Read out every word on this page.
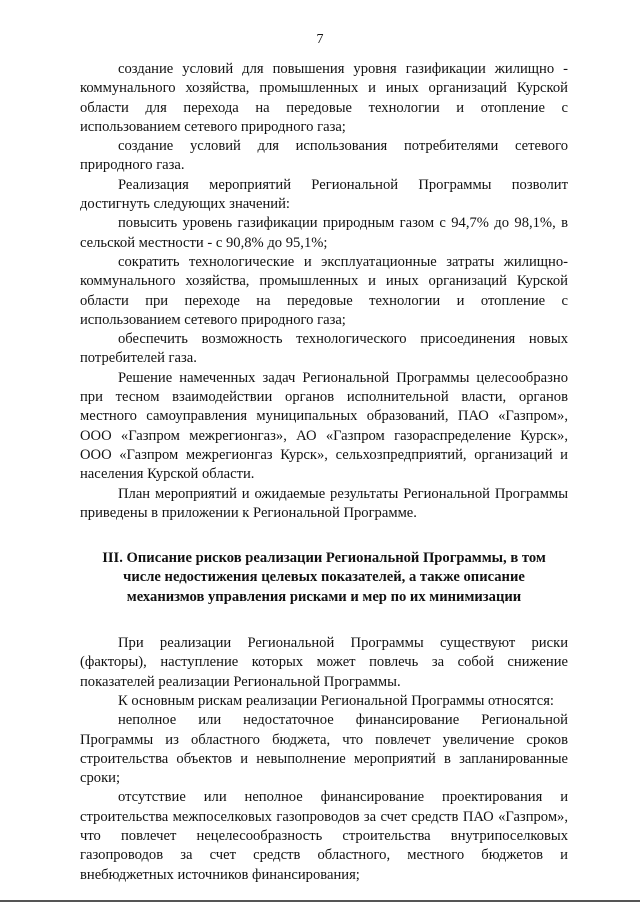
7

создание условий для повышения уровня газификации жилищно - коммунального хозяйства, промышленных и иных организаций Курской области для перехода на передовые технологии и отопление с использованием сетевого природного газа;

создание условий для использования потребителями сетевого природного газа.

Реализация мероприятий Региональной Программы позволит достигнуть следующих значений:

повысить уровень газификации природным газом с 94,7% до 98,1%, в сельской местности - с 90,8% до 95,1%;

сократить технологические и эксплуатационные затраты жилищно-коммунального хозяйства, промышленных и иных организаций Курской области при переходе на передовые технологии и отопление с использованием сетевого природного газа;

обеспечить возможность технологического присоединения новых потребителей газа.

Решение намеченных задач Региональной Программы целесообразно при тесном взаимодействии органов исполнительной власти, органов местного самоуправления муниципальных образований, ПАО «Газпром», ООО «Газпром межрегионгаз», АО «Газпром газораспределение Курск», ООО «Газпром межрегионгаз Курск», сельхозпредприятий, организаций и населения Курской области.

План мероприятий и ожидаемые результаты Региональной Программы приведены в приложении к Региональной Программе.

III. Описание рисков реализации Региональной Программы, в том
числе недостижения целевых показателей, а также описание
механизмов управления рисками и мер по их минимизации

При реализации Региональной Программы существуют риски (факторы), наступление которых может повлечь за собой снижение показателей реализации Региональной Программы.

К основным рискам реализации Региональной Программы относятся:

неполное или недостаточное финансирование Региональной Программы из областного бюджета, что повлечет увеличение сроков строительства объектов и невыполнение мероприятий в запланированные сроки;

отсутствие или неполное финансирование проектирования и строительства межпоселковых газопроводов за счет средств ПАО «Газпром», что повлечет нецелесообразность строительства внутрипоселковых газопроводов за счет средств областного, местного бюджетов и внебюджетных источников финансирования;
